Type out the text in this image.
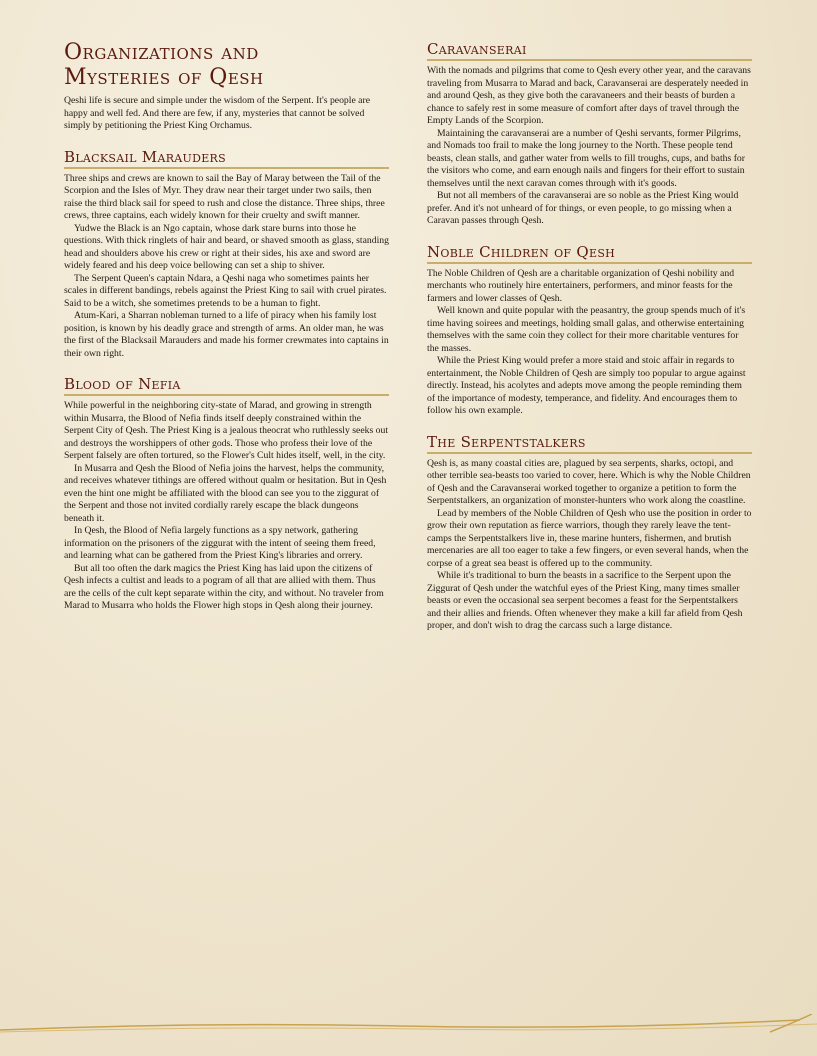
Organizations and
Mysteries of Qesh

Qeshi life is secure and simple under the wisdom of the Serpent. It's people are happy and well fed. And there are few, if any, mysteries that cannot be solved simply by petitioning the Priest King Orchamus.

Blacksail Marauders

Three ships and crews are known to sail the Bay of Maray between the Tail of the Scorpion and the Isles of Myr. They draw near their target under two sails, then raise the third black sail for speed to rush and close the distance. Three ships, three crews, three captains, each widely known for their cruelty and swift manner.

Yudwe the Black is an Ngo captain, whose dark stare burns into those he questions. With thick ringlets of hair and beard, or shaved smooth as glass, standing head and shoulders above his crew or right at their sides, his axe and sword are widely feared and his deep voice bellowing can set a ship to shiver.

The Serpent Queen's captain Ndara, a Qeshi naga who sometimes paints her scales in different bandings, rebels against the Priest King to sail with cruel pirates. Said to be a witch, she sometimes pretends to be a human to fight.

Atum-Kari, a Sharran nobleman turned to a life of piracy when his family lost position, is known by his deadly grace and strength of arms. An older man, he was the first of the Blacksail Marauders and made his former crewmates into captains in their own right.

Blood of Nefia

While powerful in the neighboring city-state of Marad, and growing in strength within Musarra, the Blood of Nefia finds itself deeply constrained within the Serpent City of Qesh. The Priest King is a jealous theocrat who ruthlessly seeks out and destroys the worshippers of other gods. Those who profess their love of the Serpent falsely are often tortured, so the Flower's Cult hides itself, well, in the city.

In Musarra and Qesh the Blood of Nefia joins the harvest, helps the community, and receives whatever tithings are offered without qualm or hesitation. But in Qesh even the hint one might be affiliated with the blood can see you to the ziggurat of the Serpent and those not invited cordially rarely escape the black dungeons beneath it.

In Qesh, the Blood of Nefia largely functions as a spy network, gathering information on the prisoners of the ziggurat with the intent of seeing them freed, and learning what can be gathered from the Priest King's libraries and orrery.

But all too often the dark magics the Priest King has laid upon the citizens of Qesh infects a cultist and leads to a pogram of all that are allied with them. Thus are the cells of the cult kept separate within the city, and without. No traveler from Marad to Musarra who holds the Flower high stops in Qesh along their journey.

Caravanserai

With the nomads and pilgrims that come to Qesh every other year, and the caravans traveling from Musarra to Marad and back, Caravanserai are desperately needed in and around Qesh, as they give both the caravaneers and their beasts of burden a chance to safely rest in some measure of comfort after days of travel through the Empty Lands of the Scorpion.

Maintaining the caravanserai are a number of Qeshi servants, former Pilgrims, and Nomads too frail to make the long journey to the North. These people tend beasts, clean stalls, and gather water from wells to fill troughs, cups, and baths for the visitors who come, and earn enough nails and fingers for their effort to sustain themselves until the next caravan comes through with it's goods.

But not all members of the caravanserai are so noble as the Priest King would prefer. And it's not unheard of for things, or even people, to go missing when a Caravan passes through Qesh.

Noble Children of Qesh

The Noble Children of Qesh are a charitable organization of Qeshi nobility and merchants who routinely hire entertainers, performers, and minor feasts for the farmers and lower classes of Qesh.

Well known and quite popular with the peasantry, the group spends much of it's time having soirees and meetings, holding small galas, and otherwise entertaining themselves with the same coin they collect for their more charitable ventures for the masses.

While the Priest King would prefer a more staid and stoic affair in regards to entertainment, the Noble Children of Qesh are simply too popular to argue against directly. Instead, his acolytes and adepts move among the people reminding them of the importance of modesty, temperance, and fidelity. And encourages them to follow his own example.

The Serpentstalkers

Qesh is, as many coastal cities are, plagued by sea serpents, sharks, octopi, and other terrible sea-beasts too varied to cover, here. Which is why the Noble Children of Qesh and the Caravanserai worked together to organize a petition to form the Serpentstalkers, an organization of monster-hunters who work along the coastline.

Lead by members of the Noble Children of Qesh who use the position in order to grow their own reputation as fierce warriors, though they rarely leave the tent-camps the Serpentstalkers live in, these marine hunters, fishermen, and brutish mercenaries are all too eager to take a few fingers, or even several hands, when the corpse of a great sea beast is offered up to the community.

While it's traditional to burn the beasts in a sacrifice to the Serpent upon the Ziggurat of Qesh under the watchful eyes of the Priest King, many times smaller beasts or even the occasional sea serpent becomes a feast for the Serpentstalkers and their allies and friends. Often whenever they make a kill far afield from Qesh proper, and don't wish to drag the carcass such a large distance.
